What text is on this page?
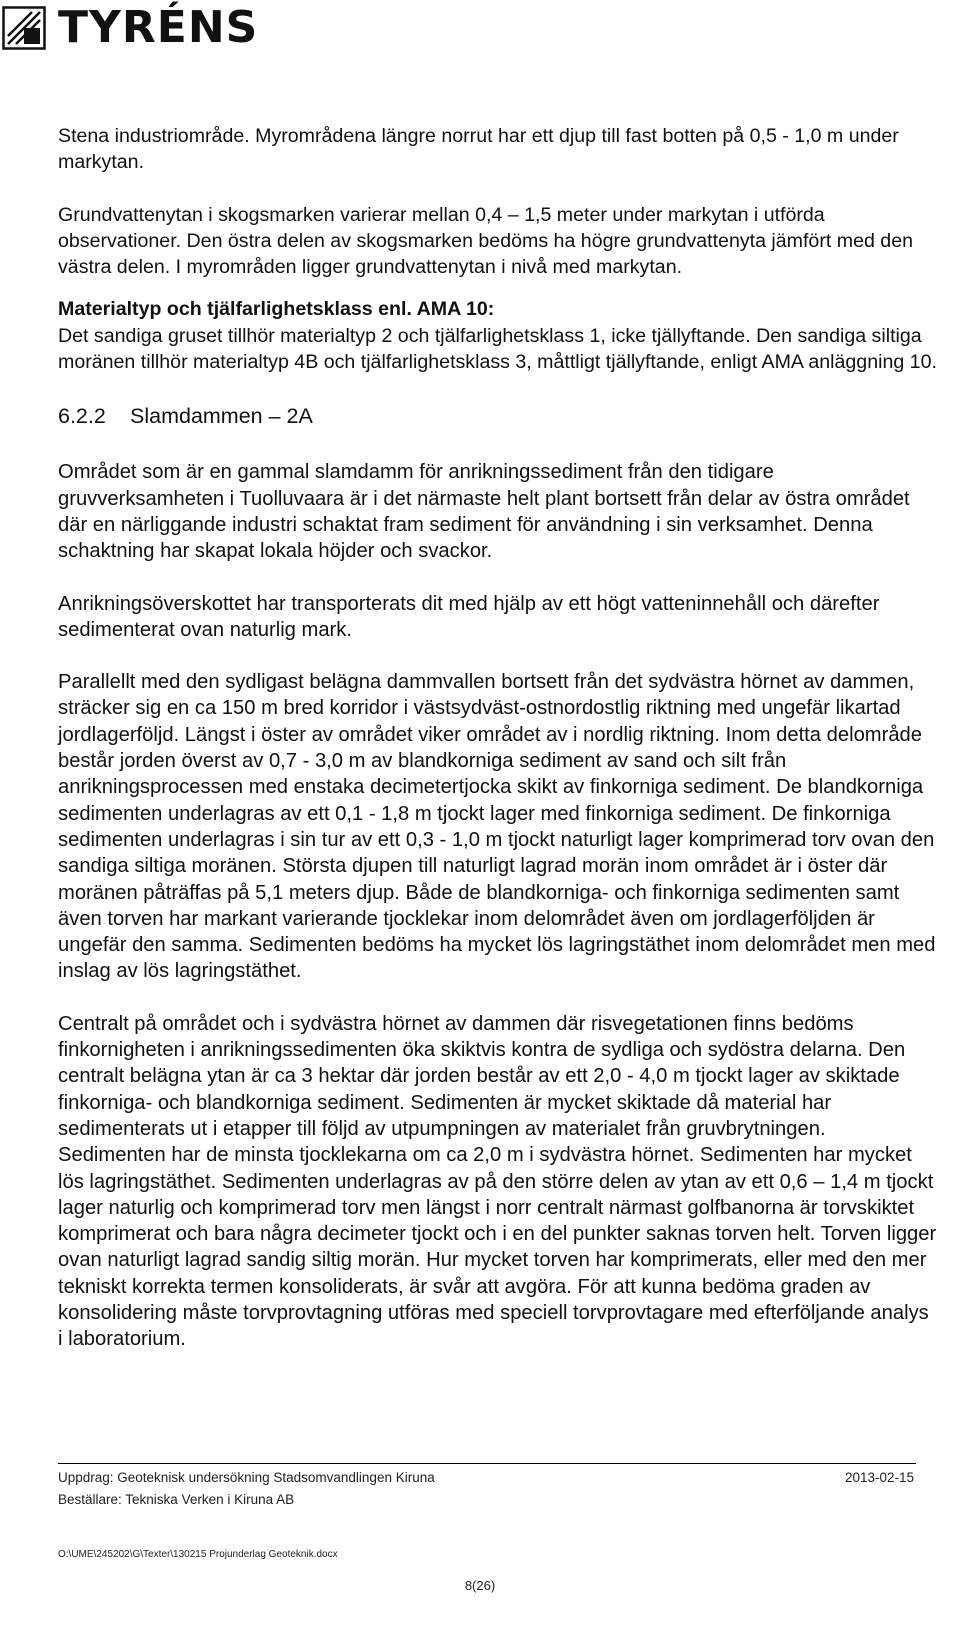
TYRÉNS

Stena industriområde. Myrområdena längre norrut har ett djup till fast botten på 0,5 - 1,0 m under markytan.

Grundvattenytan i skogsmarken varierar mellan 0,4 – 1,5 meter under markytan i utförda observationer. Den östra delen av skogsmarken bedöms ha högre grundvattenyta jämfört med den västra delen. I myrområden ligger grundvattenytan i nivå med markytan.

Materialtyp och tjälfarlighetsklass enl. AMA 10:

Det sandiga gruset tillhör materialtyp 2 och tjälfarlighetsklass 1, icke tjällyftande. Den sandiga siltiga moränen tillhör materialtyp 4B och tjälfarlighetsklass 3, måttligt tjällyftande, enligt AMA anläggning 10.

6.2.2 Slamdammen – 2A

Området som är en gammal slamdamm för anrikningssediment från den tidigare gruvverksamheten i Tuolluvaara är i det närmaste helt plant bortsett från delar av östra området där en närliggande industri schaktat fram sediment för användning i sin verksamhet. Denna schaktning har skapat lokala höjder och svackor.

Anrikningsöverskottet har transporterats dit med hjälp av ett högt vatteninnehåll och därefter sedimenterat ovan naturlig mark.

Parallellt med den sydligast belägna dammvallen bortsett från det sydvästra hörnet av dammen, sträcker sig en ca 150 m bred korridor i västsydväst-ostnordostlig riktning med ungefär likartad jordlagerföljd. Längst i öster av området viker området av i nordlig riktning. Inom detta delområde består jorden överst av 0,7 - 3,0 m av blandkorniga sediment av sand och silt från anrikningsprocessen med enstaka decimetertjocka skikt av finkorniga sediment. De blandkorniga sedimenten underlagras av ett 0,1 - 1,8 m tjockt lager med finkorniga sediment. De finkorniga sedimenten underlagras i sin tur av ett 0,3 - 1,0 m tjockt naturligt lager komprimerad torv ovan den sandiga siltiga moränen. Största djupen till naturligt lagrad morän inom området är i öster där moränen påträffas på 5,1 meters djup. Både de blandkorniga- och finkorniga sedimenten samt även torven har markant varierande tjocklekar inom delområdet även om jordlagerföljden är ungefär den samma. Sedimenten bedöms ha mycket lös lagringstäthet inom delområdet men med inslag av lös lagringstäthet.

Centralt på området och i sydvästra hörnet av dammen där risvegetationen finns bedöms finkornigheten i anrikningssedimenten öka skiktvis kontra de sydliga och sydöstra delarna. Den centralt belägna ytan är ca 3 hektar där jorden består av ett 2,0 - 4,0 m tjockt lager av skiktade finkorniga- och blandkorniga sediment. Sedimenten är mycket skiktade då material har sedimenterats ut i etapper till följd av utpumpningen av materialet från gruvbrytningen. Sedimenten har de minsta tjocklekarna om ca 2,0 m i sydvästra hörnet. Sedimenten har mycket lös lagringstäthet. Sedimenten underlagras av på den större delen av ytan av ett 0,6 – 1,4 m tjockt lager naturlig och komprimerad torv men längst i norr centralt närmast golfbanorna är torvskiktet komprimerat och bara några decimeter tjockt och i en del punkter saknas torven helt. Torven ligger ovan naturligt lagrad sandig siltig morän. Hur mycket torven har komprimerats, eller med den mer tekniskt korrekta termen konsoliderats, är svår att avgöra. För att kunna bedöma graden av konsolidering måste torvprovtagning utföras med speciell torvprovtagare med efterföljande analys i laboratorium.

Uppdrag: Geoteknisk undersökning Stadsomvandlingen Kiruna	2013-02-15
Beställare: Tekniska Verken i Kiruna AB
O:\UME\245202\G\Texter\130215 Projunderlag Geoteknik.docx
8(26)
